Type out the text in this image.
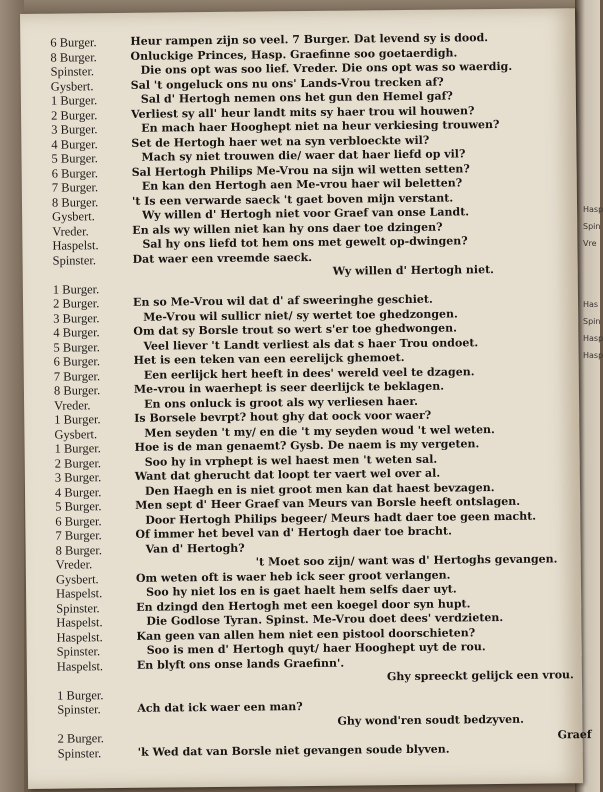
Hasp
Spin
Vre
Has
Spin
Hasp
Hasp
6 Burger.	Heur rampen zijn so veel. 7 Burger. Dat levend sy is dood.
8 Burger.	Onluckige Princes, Hasp. Graefinne soo goetaerdigh.
Spinster.	Die ons opt was soo lief. Vreder. Die ons opt was so waerdig.
Gysbert.	Sal 't ongeluck ons nu ons' Lands-Vrou trecken af?
1 Burger.	Sal d' Hertogh nemen ons het gun den Hemel gaf?
2 Burger.	Verliest sy all' heur landt mits sy haer trou wil houwen?
3 Burger.	En mach haer Hooghept niet na heur verkiesing trouwen?
4 Burger.	Set de Hertogh haer wet na syn verbloeckte wil?
5 Burger.	Mach sy niet trouwen die/ waer dat haer liefd op vil?
6 Burger.	Sal Hertogh Philips Me-Vrou na sijn wil wetten setten?
7 Burger.	En kan den Hertogh aen Me-vrou haer wil beletten?
8 Burger.	't Is een verwarde saeck 't gaet boven mijn verstant.
Gysbert.	Wy willen d' Hertogh niet voor Graef van onse Landt.
Vreder.	En als wy willen niet kan hy ons daer toe dzingen?
Haspelst.	Sal hy ons liefd tot hem ons met gewelt op-dwingen?
Spinster.	Dat waer een vreemde saeck.
Wy willen d' Hertogh niet.
1 Burger.
2 Burger.	En so Me-Vrou wil dat d' af sweeringhe geschiet.
3 Burger.	Me-Vrou wil sullicr niet/ sy wertet toe ghedzongen.
4 Burger.	Om dat sy Borsle trout so wert s'er toe ghedwongen.
5 Burger.	Veel liever 't Landt verliest als dat s haer Trou ondoet.
6 Burger.	Het is een teken van een eerelijck ghemoet.
7 Burger.	Een eerlijck hert heeft in dees' wereld veel te dzagen.
8 Burger.	Me-vrou in waerhept is seer deerlijck te beklagen.
Vreder.	En ons onluck is groot als wy verliesen haer.
1 Burger.	Is Borsele bevrpt? hout ghy dat oock voor waer?
Gysbert.	Men seyden 't my/ en die 't my seyden woud 't wel weten.
1 Burger.	Hoe is de man genaemt? Gysb. De naem is my vergeten.
2 Burger.	Soo hy in vrphept is wel haest men 't weten sal.
3 Burger.	Want dat gherucht dat loopt ter vaert wel over al.
4 Burger.	Den Haegh en is niet groot men kan dat haest bevzagen.
5 Burger.	Men sept d' Heer Graef van Meurs van Borsle heeft ontslagen.
6 Burger.	Door Hertogh Philips begeer/ Meurs hadt daer toe geen macht.
7 Burger.	Of immer het bevel van d' Hertogh daer toe bracht.
8 Burger.	Van d' Hertogh?
Vreder.	't Moet soo zijn/ want was d' Hertoghs gevangen.
Gysbert.	Om weten oft is waer heb ick seer groot verlangen.
Haspelst.	Soo hy niet los en is gaet haelt hem selfs daer uyt.
Spinster.	En dzingd den Hertogh met een koegel door syn hupt.
Haspelst.	Die Godlose Tyran. Spinst. Me-Vrou doet dees' verdzieten.
Haspelst.	Kan geen van allen hem niet een pistool doorschieten?
Spinster.	Soo is men d' Hertogh quyt/ haer Hooghept uyt de rou.
Haspelst.	En blyft ons onse lands Graefinn'.
Ghy spreeckt gelijck een vrou.
1 Burger.
Spinster.	Ach dat ick waer een man?
Ghy wond'ren soudt bedzyven.
2 Burger.
Spinster.	'k Wed dat van Borsle niet gevangen soude blyven.
Graef
